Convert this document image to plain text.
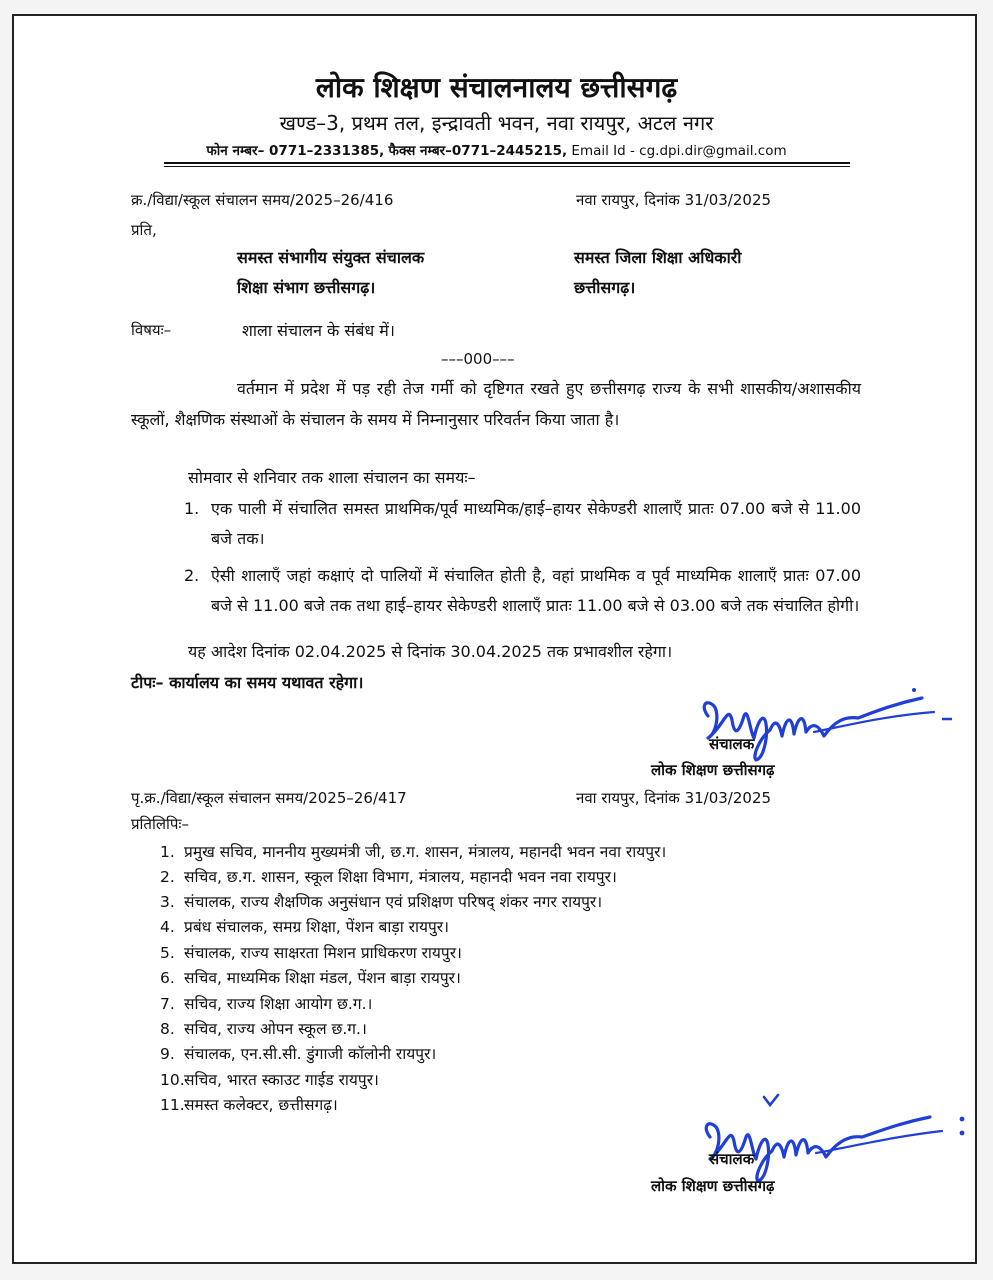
लोक शिक्षण संचालनालय छत्तीसगढ़
खण्ड–3, प्रथम तल, इन्द्रावती भवन, नवा रायपुर, अटल नगर
फोन नम्बर– 0771–2331385, फैक्स नम्बर–0771–2445215, Email Id - cg.dpi.dir@gmail.com
क्र./विद्या/स्कूल संचालन समय/2025–26/416	नवा रायपुर, दिनांक 31/03/2025
प्रति,
समस्त संभागीय संयुक्त संचालक
शिक्षा संभाग छत्तीसगढ़।
समस्त जिला शिक्षा अधिकारी
छत्तीसगढ़।
विषयः–	शाला संचालन के संबंध में।
–––000–––
वर्तमान में प्रदेश में पड़ रही तेज गर्मी को दृष्टिगत रखते हुए छत्तीसगढ़ राज्य के सभी शासकीय/अशासकीय स्कूलों, शैक्षणिक संस्थाओं के संचालन के समय में निम्नानुसार परिवर्तन किया जाता है।
सोमवार से शनिवार तक शाला संचालन का समयः–
1. एक पाली में संचालित समस्त प्राथमिक/पूर्व माध्यमिक/हाई–हायर सेकेण्डरी शालाऍं प्रातः 07.00 बजे से 11.00 बजे तक।
2. ऐसी शालाऍं जहां कक्षाएं दो पालियों में संचालित होती है, वहां प्राथमिक व पूर्व माध्यमिक शालाऍं प्रातः 07.00 बजे से 11.00 बजे तक तथा हाई–हायर सेकेण्डरी शालाऍं प्रातः 11.00 बजे से 03.00 बजे तक संचालित होगी।
यह आदेश दिनांक 02.04.2025 से दिनांक 30.04.2025 तक प्रभावशील रहेगा।
टीपः– कार्यालय का समय यथावत रहेगा।
संचालक
लोक शिक्षण छत्तीसगढ़
पृ.क्र./विद्या/स्कूल संचालन समय/2025–26/417	नवा रायपुर, दिनांक 31/03/2025
प्रतिलिपिः–
1. प्रमुख सचिव, माननीय मुख्यमंत्री जी, छ.ग. शासन, मंत्रालय, महानदी भवन नवा रायपुर।
2. सचिव, छ.ग. शासन, स्कूल शिक्षा विभाग, मंत्रालय, महानदी भवन नवा रायपुर।
3. संचालक, राज्य शैक्षणिक अनुसंधान एवं प्रशिक्षण परिषद् शंकर नगर रायपुर।
4. प्रबंध संचालक, समग्र शिक्षा, पेंशन बाड़ा रायपुर।
5. संचालक, राज्य साक्षरता मिशन प्राधिकरण रायपुर।
6. सचिव, माध्यमिक शिक्षा मंडल, पेंशन बाड़ा रायपुर।
7. सचिव, राज्य शिक्षा आयोग छ.ग.।
8. सचिव, राज्य ओपन स्कूल छ.ग.।
9. संचालक, एन.सी.सी. डुंगाजी कॉलोनी रायपुर।
10.सचिव, भारत स्काउट गाईड रायपुर।
11.समस्त कलेक्टर, छत्तीसगढ़।
संचालक
लोक शिक्षण छत्तीसगढ़
